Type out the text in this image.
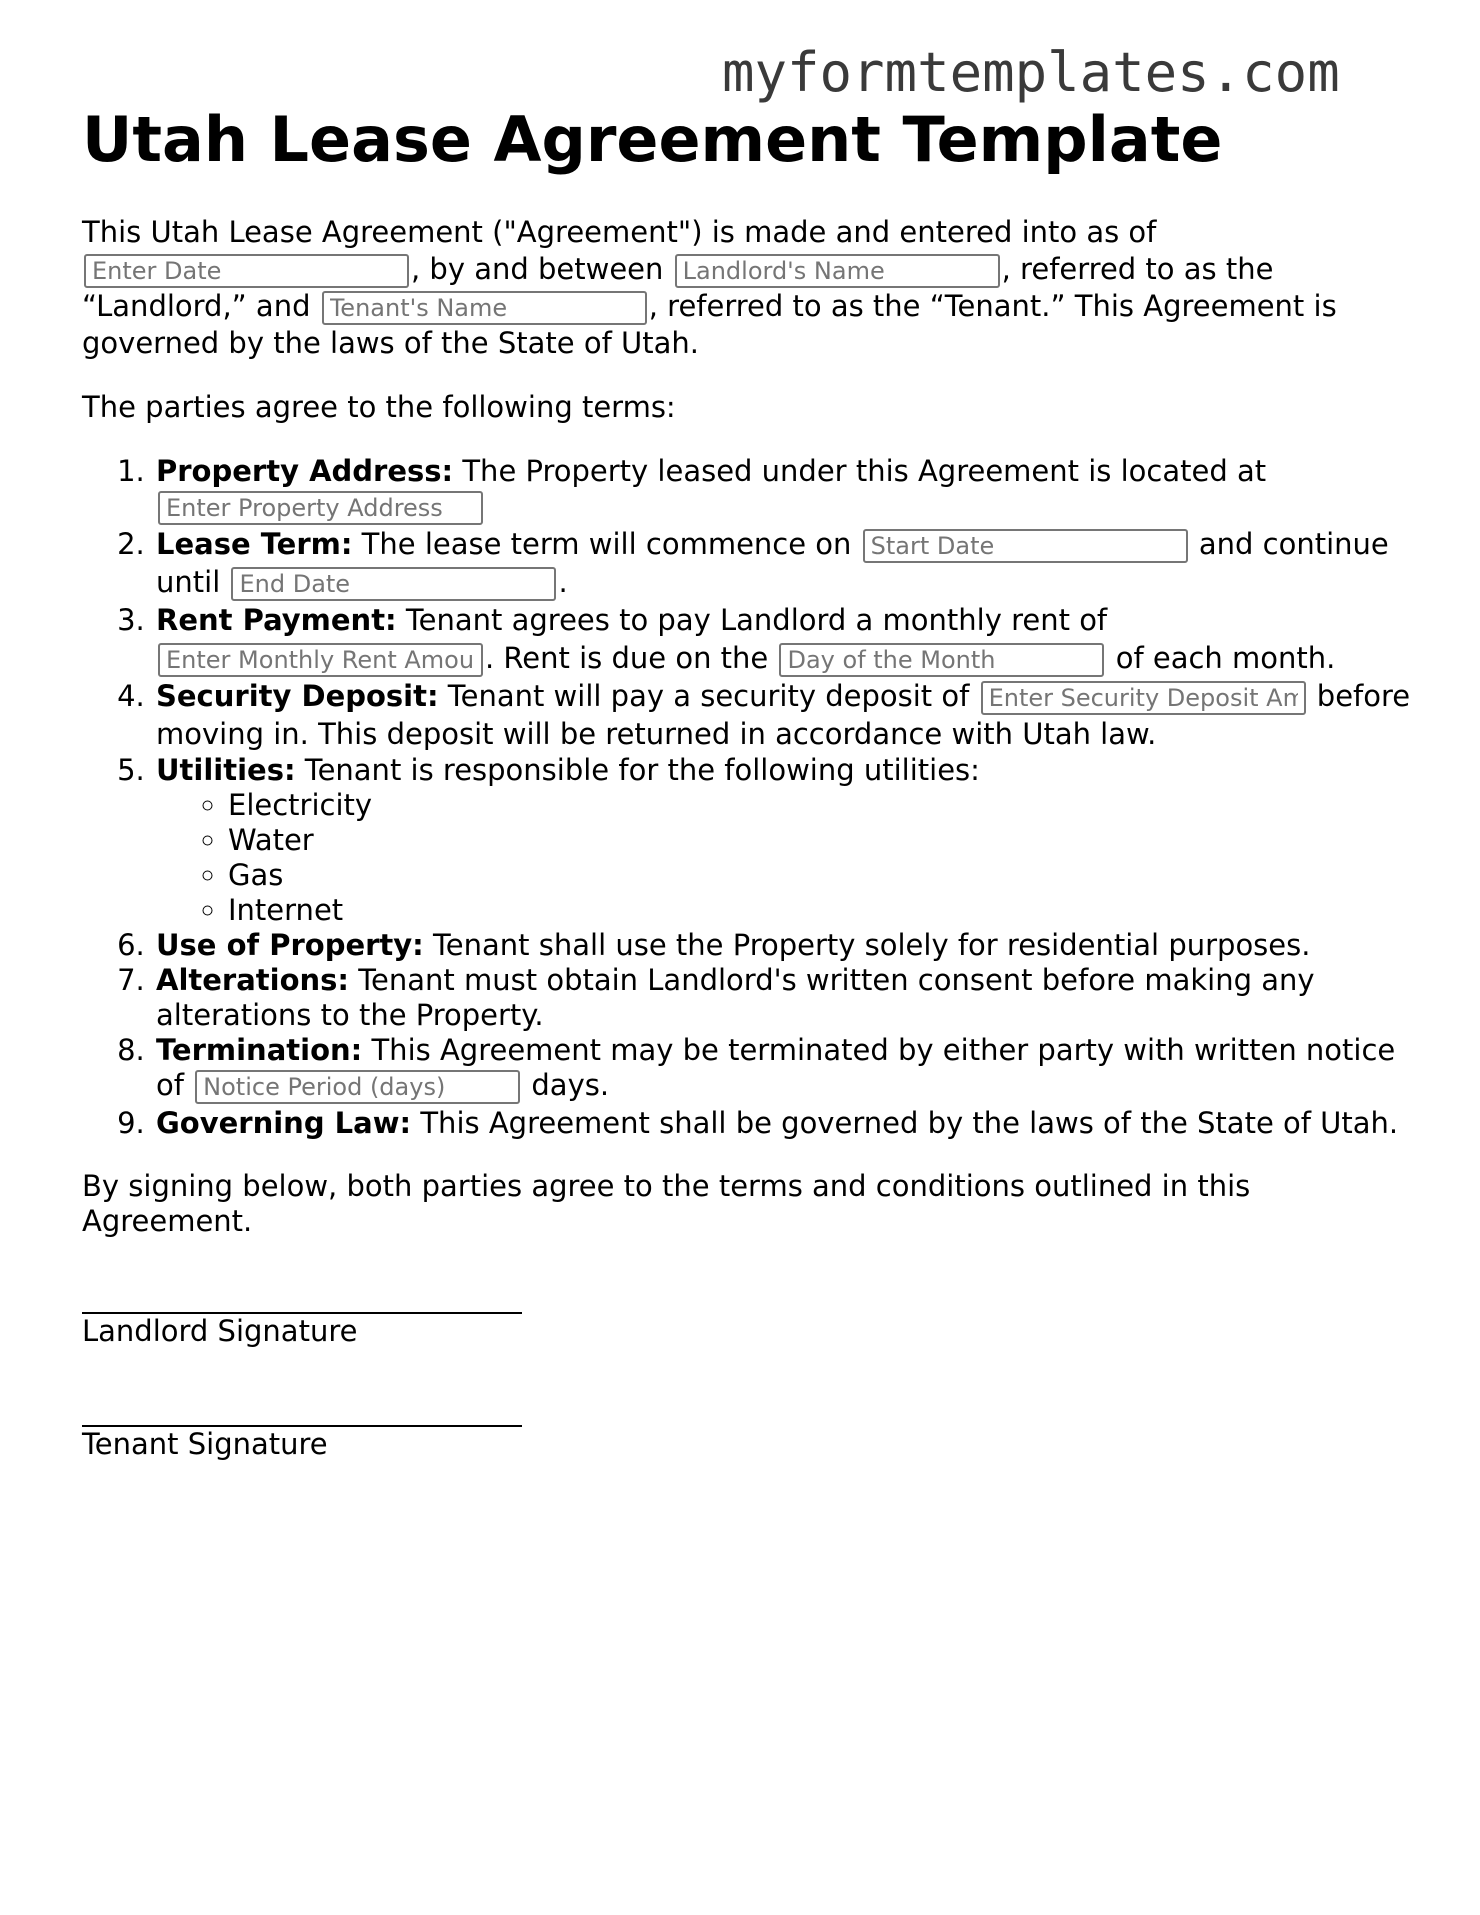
myformtemplates.com
Utah Lease Agreement Template

This Utah Lease Agreement ("Agreement") is made and entered into as of Enter Date, by and between Landlord's Name	, referred to as the “Landlord,” and Tenant's Name	, referred to as the “Tenant.” This Agreement is governed by the laws of the State of Utah.

The parties agree to the following terms:

1. Property Address: The Property leased under this Agreement is located at Enter Property Address
2. Lease Term: The lease term will commence on Start Date	and continue until End Date	.
3. Rent Payment: Tenant agrees to pay Landlord a monthly rent of Enter Monthly Rent Amount. Rent is due on the Day of the Month	of each month.
4. Security Deposit: Tenant will pay a security deposit of Enter Security Deposit Amount	before moving in. This deposit will be returned in accordance with Utah law.
5. Utilities: Tenant is responsible for the following utilities:
◦ Electricity
◦ Water
◦ Gas
◦ Internet
6. Use of Property: Tenant shall use the Property solely for residential purposes.
7. Alterations: Tenant must obtain Landlord's written consent before making any alterations to the Property.
8. Termination: This Agreement may be terminated by either party with written notice of Notice Period (days)	days.
9. Governing Law: This Agreement shall be governed by the laws of the State of Utah.

By signing below, both parties agree to the terms and conditions outlined in this Agreement.

Landlord Signature
Tenant Signature
